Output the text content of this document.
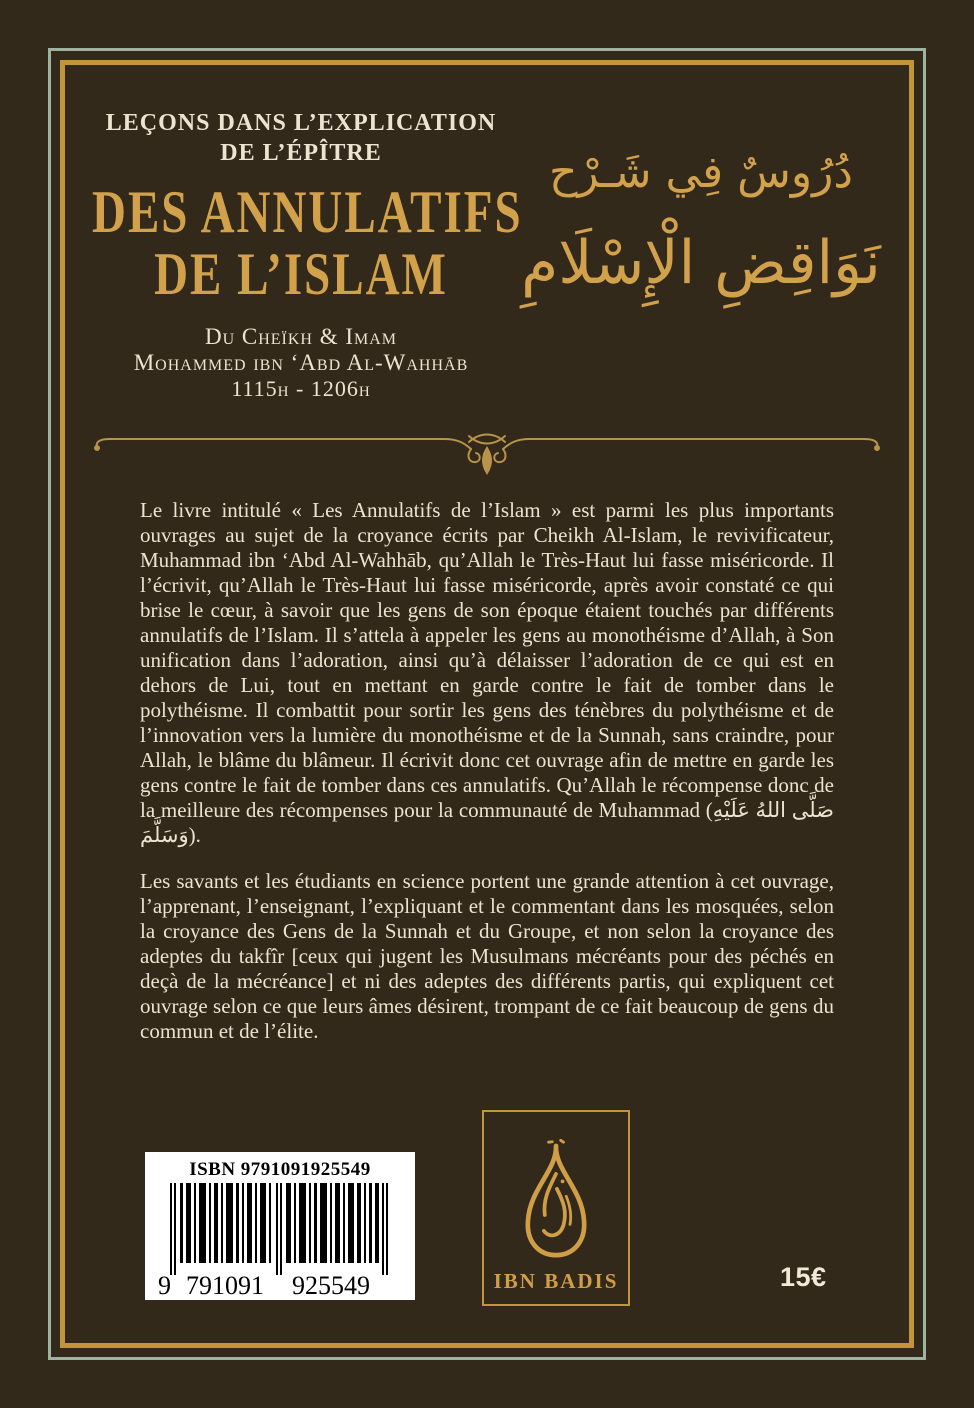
LEÇONS DANS L’EXPLICATION
DE L’ÉPÎTRE
DES ANNULATIFS
DE L’ISLAM
Du Cheïkh & Imam
Mohammed ibn ‘Abd Al-Wahhāb
1115h - 1206h
دُرُوسٌ فِي شَـرْح
نَوَاقِضِ الْإِسْلَامِ

Le livre intitulé « Les Annulatifs de l’Islam » est parmi les plus importants ouvrages au sujet de la croyance écrits par Cheikh Al-Islam, le revivificateur, Muhammad ibn ‘Abd Al-Wahhāb, qu’Allah le Très-Haut lui fasse miséricorde. Il l’écrivit, qu’Allah le Très-Haut lui fasse miséricorde, après avoir constaté ce qui brise le cœur, à savoir que les gens de son époque étaient touchés par différents annulatifs de l’Islam. Il s’attela à appeler les gens au monothéisme d’Allah, à Son unification dans l’adoration, ainsi qu’à délaisser l’adoration de ce qui est en dehors de Lui, tout en mettant en garde contre le fait de tomber dans le polythéisme. Il combattit pour sortir les gens des ténèbres du polythéisme et de l’innovation vers la lumière du monothéisme et de la Sunnah, sans craindre, pour Allah, le blâme du blâmeur. Il écrivit donc cet ouvrage afin de mettre en garde les gens contre le fait de tomber dans ces annulatifs. Qu’Allah le récompense donc de la meilleure des récompenses pour la communauté de Muhammad (صَلَّى اللهُ عَلَيْهِ وَسَلَّمَ).

Les savants et les étudiants en science portent une grande attention à cet ouvrage, l’apprenant, l’enseignant, l’expliquant et le commentant dans les mosquées, selon la croyance des Gens de la Sunnah et du Groupe, et non selon la croyance des adeptes du takfîr [ceux qui jugent les Musulmans mécréants pour des péchés en deçà de la mécréance] et ni des adeptes des différents partis, qui expliquent cet ouvrage selon ce que leurs âmes désirent, trompant de ce fait beaucoup de gens du commun et de l’élite.

ISBN 9791091925549
9 791091 925549	IBN BADIS	15€
